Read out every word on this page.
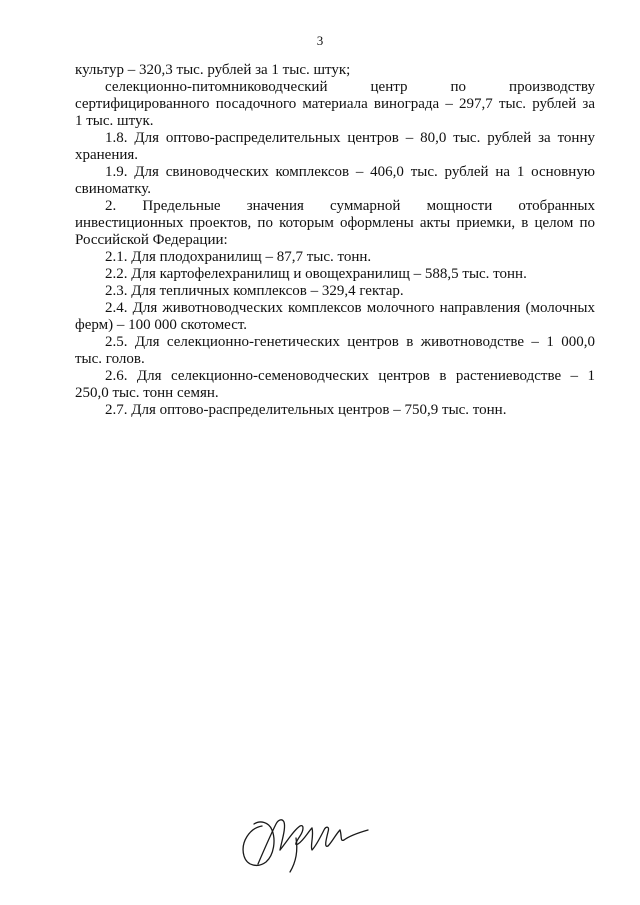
3
культур – 320,3 тыс. рублей за 1 тыс. штук;
селекционно-питомниководческий центр по производству
сертифицированного посадочного материала винограда – 297,7 тыс. рублей за
1 тыс. штук.
1.8. Для оптово-распределительных центров – 80,0 тыс. рублей за тонну
хранения.
1.9. Для свиноводческих комплексов – 406,0 тыс. рублей на 1 основную
свиноматку.
2. Предельные значения суммарной мощности отобранных
инвестиционных проектов, по которым оформлены акты приемки, в целом по
Российской Федерации:
2.1. Для плодохранилищ – 87,7 тыс. тонн.
2.2. Для картофелехранилищ и овощехранилищ – 588,5 тыс. тонн.
2.3. Для тепличных комплексов – 329,4 гектар.
2.4. Для животноводческих комплексов молочного направления (молочных
ферм) – 100 000 скотомест.
2.5. Для селекционно-генетических центров в животноводстве – 1 000,0
тыс. голов.
2.6. Для селекционно-семеноводческих центров в растениеводстве – 1
250,0 тыс. тонн семян.
2.7. Для оптово-распределительных центров – 750,9 тыс. тонн.
